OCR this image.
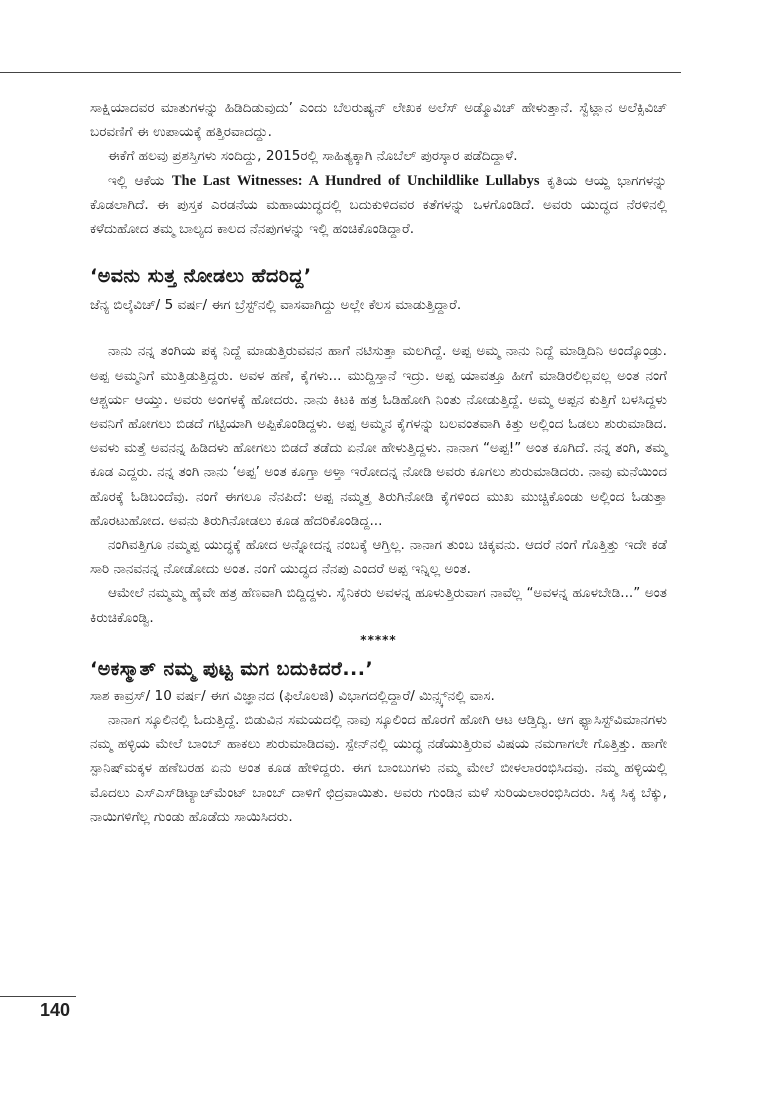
ಸಾಕ್ಷಿಯಾದವರ ಮಾತುಗಳನ್ನು ಹಿಡಿದಿಡುವುದು’ ಎಂದು ಬೆಲರುಷ್ಯನ್ ಲೇಖಕ ಅಲೆಸ್ ಅಡ್ಮೊವಿಚ್ ಹೇಳುತ್ತಾನೆ. ಸ್ವೆಟ್ಲಾನ ಅಲೆಕ್ಸಿವಿಚ್ ಬರವಣಿಗೆ ಈ ಉಪಾಯಕ್ಕೆ ಹತ್ತಿರವಾದದ್ದು.

ಈಕೆಗೆ ಹಲವು ಪ್ರಶಸ್ತಿಗಳು ಸಂದಿದ್ದು, 2015ರಲ್ಲಿ ಸಾಹಿತ್ಯಕ್ಕಾಗಿ ನೊಬೆಲ್ ಪುರಸ್ಕಾರ ಪಡೆದಿದ್ದಾಳೆ.

ಇಲ್ಲಿ ಆಕೆಯ The Last Witnesses: A Hundred of Unchildlike Lullabys ಕೃತಿಯ ಆಯ್ದ ಭಾಗಗಳನ್ನು ಕೊಡಲಾಗಿದೆ. ಈ ಪುಸ್ತಕ ಎರಡನೆಯ ಮಹಾಯುದ್ಧದಲ್ಲಿ ಬದುಕುಳಿದವರ ಕತೆಗಳನ್ನು ಒಳಗೊಂಡಿದೆ. ಅವರು ಯುದ್ಧದ ನೆರಳಿನಲ್ಲಿ ಕಳೆದುಹೋದ ತಮ್ಮ ಬಾಲ್ಯದ ಕಾಲದ ನೆನಪುಗಳನ್ನು ಇಲ್ಲಿ ಹಂಚಿಕೊಂಡಿದ್ದಾರೆ.

‘ಅವನು ಸುತ್ತ ನೋಡಲು ಹೆದರಿದ್ದ’

ಜೆನ್ಯ ಬಿಲ್ಕೆವಿಚ್/ 5 ವರ್ಷ/ ಈಗ ಬ್ರೆಸ್ಟ್‌ನಲ್ಲಿ ವಾಸವಾಗಿದ್ದು ಅಲ್ಲೇ ಕೆಲಸ ಮಾಡುತ್ತಿದ್ದಾರೆ.

ನಾನು ನನ್ನ ತಂಗಿಯ ಪಕ್ಕ ನಿದ್ದೆ ಮಾಡುತ್ತಿರುವವನ ಹಾಗೆ ನಟಿಸುತ್ತಾ ಮಲಗಿದ್ದೆ. ಅಪ್ಪ ಅಮ್ಮ ನಾನು ನಿದ್ದೆ ಮಾಡ್ತಿದಿನಿ ಅಂದ್ಕೊಂಡ್ರು. ಅಪ್ಪ ಅಮ್ಮನಿಗೆ ಮುತ್ತಿಡುತ್ತಿದ್ದರು. ಅವಳ ಹಣೆ, ಕೈಗಳು... ಮುದ್ದಿಸ್ತಾನೆ ಇದ್ರು. ಅಪ್ಪ ಯಾವತ್ತೂ ಹೀಗೆ ಮಾಡಿರಲಿಲ್ಲವಲ್ಲ ಅಂತ ನಂಗೆ ಆಶ್ಚರ್ಯ ಆಯ್ತು. ಅವರು ಅಂಗಳಕ್ಕೆ ಹೋದರು. ನಾನು ಕಿಟಕಿ ಹತ್ರ ಓಡಿಹೋಗಿ ನಿಂತು ನೋಡುತ್ತಿದ್ದೆ. ಅಮ್ಮ ಅಪ್ಪನ ಕುತ್ತಿಗೆ ಬಳಸಿದ್ದಳು ಅವನಿಗೆ ಹೋಗಲು ಬಿಡದೆ ಗಟ್ಟಿಯಾಗಿ ಅಪ್ಪಿಕೊಂಡಿದ್ದಳು. ಅಪ್ಪ ಅಮ್ಮನ ಕೈಗಳನ್ನು ಬಲವಂತವಾಗಿ ಕಿತ್ತು ಅಲ್ಲಿಂದ ಓಡಲು ಶುರುಮಾಡಿದ. ಅವಳು ಮತ್ತೆ ಅವನನ್ನ ಹಿಡಿದಳು ಹೋಗಲು ಬಿಡದೆ ತಡೆದು ಏನೋ ಹೇಳುತ್ತಿದ್ದಳು. ನಾನಾಗ “ಅಪ್ಪ!” ಅಂತ ಕೂಗಿದೆ. ನನ್ನ ತಂಗಿ, ತಮ್ಮ ಕೂಡ ಎದ್ದರು. ನನ್ನ ತಂಗಿ ನಾನು ‘ಅಪ್ಪ’ ಅಂತ ಕೂಗ್ತಾ ಅಳ್ತಾ ಇರೋದನ್ನ ನೋಡಿ ಅವರು ಕೂಗಲು ಶುರುಮಾಡಿದರು. ನಾವು ಮನೆಯಿಂದ ಹೊರಕ್ಕೆ ಓಡಿಬಂದೆವು. ನಂಗೆ ಈಗಲೂ ನೆನಪಿದೆ: ಅಪ್ಪ ನಮ್ಮತ್ತ ತಿರುಗಿನೋಡಿ ಕೈಗಳಿಂದ ಮುಖ ಮುಚ್ಚಿಕೊಂಡು ಅಲ್ಲಿಂದ ಓಡುತ್ತಾ ಹೊರಟುಹೋದ. ಅವನು ತಿರುಗಿನೋಡಲು ಕೂಡ ಹೆದರಿಕೊಂಡಿದ್ದ...

ನಂಗಿವತ್ತಿಗೂ ನಮ್ಮಪ್ಪ ಯುದ್ಧಕ್ಕೆ ಹೋದ ಅನ್ನೋದನ್ನ ನಂಬಕ್ಕೆ ಆಗ್ತಿಲ್ಲ. ನಾನಾಗ ತುಂಬ ಚಿಕ್ಕವನು. ಆದರೆ ನಂಗೆ ಗೊತ್ತಿತ್ತು ಇದೇ ಕಡೆ ಸಾರಿ ನಾನವನನ್ನ ನೋಡೋದು ಅಂತ. ನಂಗೆ ಯುದ್ಧದ ನೆನಪು ಎಂದರೆ ಅಪ್ಪ ಇನ್ನಿಲ್ಲ ಅಂತ.

ಆಮೇಲೆ ನಮ್ಮಮ್ಮ ಹೈವೇ ಹತ್ರ ಹೆಣವಾಗಿ ಬಿದ್ದಿದ್ದಳು. ಸೈನಿಕರು ಅವಳನ್ನ ಹೂಳುತ್ತಿರುವಾಗ ನಾವೆಲ್ಲ “ಅವಳನ್ನ ಹೂಳಬೇಡಿ...” ಅಂತ ಕಿರುಚಿಕೊಂಡ್ವಿ.

*****
‘ಅಕಸ್ಮಾತ್ ನಮ್ಮ ಪುಟ್ಟ ಮಗ ಬದುಕಿದರೆ...’

ಸಾಶ ಕಾವ್ರಸ್/ 10 ವರ್ಷ/ ಈಗ ವಿಜ್ಞಾನದ (ಫಿಲೊಲಜಿ) ವಿಭಾಗದಲ್ಲಿದ್ದಾರೆ/ ಮಿನ್ಸ್ಕ್‌ನಲ್ಲಿ ವಾಸ.

ನಾನಾಗ ಸ್ಕೂಲಿನಲ್ಲಿ ಓದುತ್ತಿದ್ದೆ. ಬಿಡುವಿನ ಸಮಯದಲ್ಲಿ ನಾವು ಸ್ಕೂಲಿಂದ ಹೊರಗೆ ಹೋಗಿ ಆಟ ಆಡ್ತಿದ್ವಿ. ಆಗ ಫ್ಯಾಸಿಸ್ಟ್‌ವಿಮಾನಗಳು ನಮ್ಮ ಹಳ್ಳಿಯ ಮೇಲೆ ಬಾಂಬ್ ಹಾಕಲು ಶುರುಮಾಡಿದವು. ಸ್ಪೇನ್‌ನಲ್ಲಿ ಯುದ್ಧ ನಡೆಯುತ್ತಿರುವ ವಿಷಯ ನಮಗಾಗಲೇ ಗೊತ್ತಿತ್ತು. ಹಾಗೇ ಸ್ಪಾನಿಷ್‌ಮಕ್ಕಳ ಹಣೆಬರಹ ಏನು ಅಂತ ಕೂಡ ಹೇಳಿದ್ದರು. ಈಗ ಬಾಂಬುಗಳು ನಮ್ಮ ಮೇಲೆ ಬೀಳಲಾರಂಭಿಸಿದವು. ನಮ್ಮ ಹಳ್ಳಿಯಲ್ಲಿ ಮೊದಲು ಎಸ್‌ಎಸ್‌ಡಿಟ್ಯಾಚ್‌ಮೆಂಟ್ ಬಾಂಬ್ ದಾಳಿಗೆ ಛಿದ್ರವಾಯಿತು. ಅವರು ಗುಂಡಿನ ಮಳೆ ಸುರಿಯಲಾರಂಭಿಸಿದರು. ಸಿಕ್ಕ ಸಿಕ್ಕ ಬೆಕ್ಕು, ನಾಯಿಗಳಿಗೆಲ್ಲ ಗುಂಡು ಹೊಡೆದು ಸಾಯಿಸಿದರು.

140
